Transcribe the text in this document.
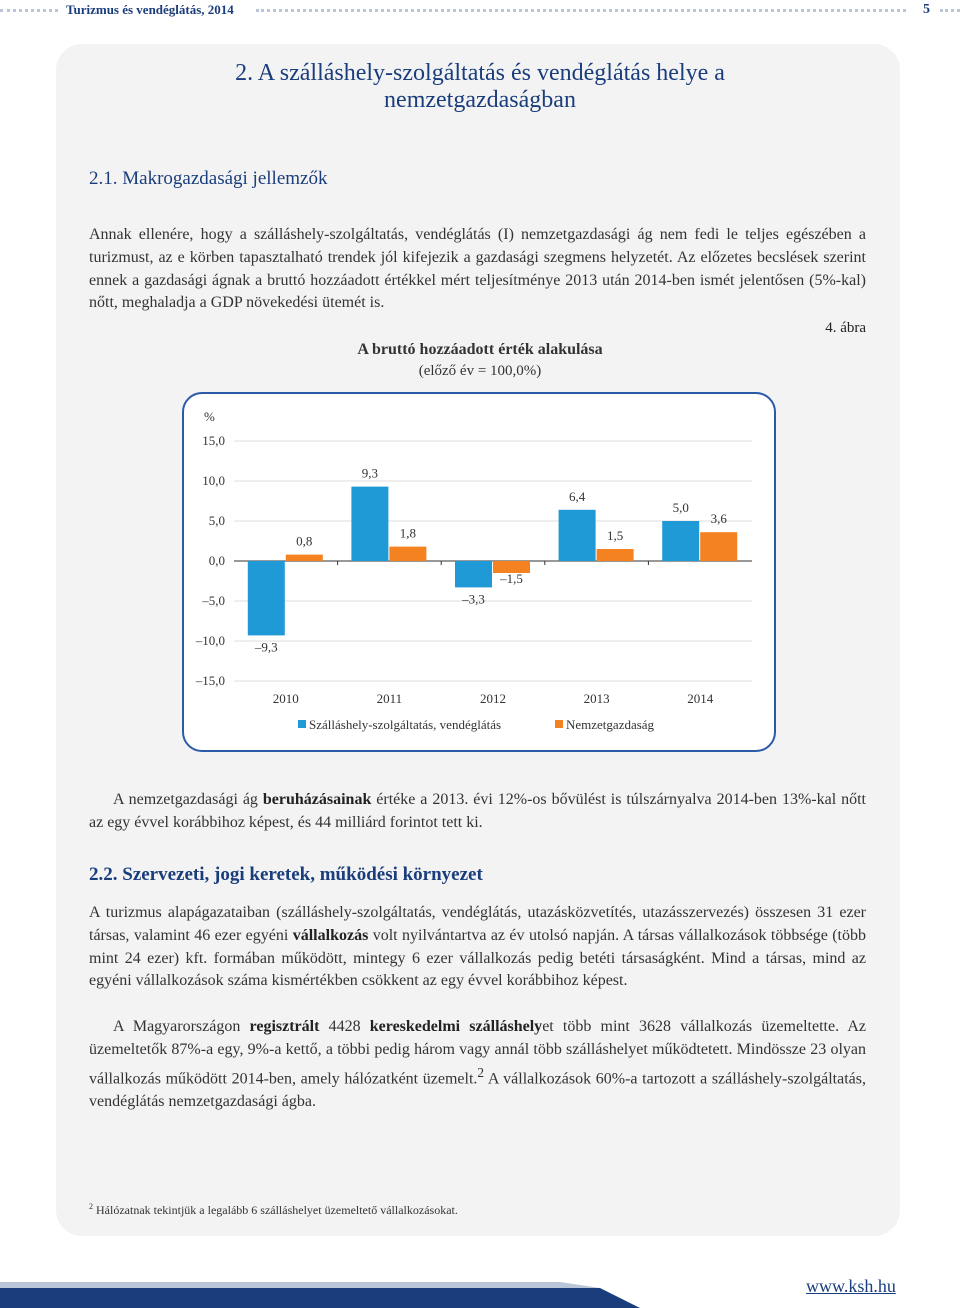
Turizmus és vendéglátás, 2014	5
2. A szálláshely-szolgáltatás és vendéglátás helye a
nemzetgazdaságban
2.1. Makrogazdasági jellemzők

Annak ellenére, hogy a szálláshely-szolgáltatás, vendéglátás (I) nemzetgazdasági ág nem fedi le teljes egészében a turizmust, az e körben tapasztalható trendek jól kifejezik a gazdasági szegmens helyzetét. Az előzetes becslések szerint ennek a gazdasági ágnak a bruttó hozzáadott értékkel mért teljesítménye 2013 után 2014-ben ismét jelentősen (5%-kal) nőtt, meghaladja a GDP növekedési ütemét is.

4. ábra
A bruttó hozzáadott érték alakulása
(előző év = 100,0%)
%
15,0
10,0
5,0
0,0
–5,0
–10,0
–15,0
2010
–9,3
0,8
2011
9,3
1,8
2012
–3,3
–1,5
2013
6,4
1,5
2014
5,0
3,6
Szálláshely-szolgáltatás, vendéglátás	Nemzetgazdaság

A nemzetgazdasági ág beruházásainak értéke a 2013. évi 12%-os bővülést is túlszárnyalva 2014-ben 13%-kal nőtt az egy évvel korábbihoz képest, és 44 milliárd forintot tett ki.

2.2. Szervezeti, jogi keretek, működési környezet

A turizmus alapágazataiban (szálláshely-szolgáltatás, vendéglátás, utazásközvetítés, utazásszervezés) összesen 31 ezer társas, valamint 46 ezer egyéni vállalkozás volt nyilvántartva az év utolsó napján. A társas vállalkozások többsége (több mint 24 ezer) kft. formában működött, mintegy 6 ezer vállalkozás pedig betéti társaságként. Mind a társas, mind az egyéni vállalkozások száma kismértékben csökkent az egy évvel korábbihoz képest.

A Magyarországon regisztrált 4428 kereskedelmi szálláshelyet több mint 3628 vállalkozás üzemeltette. Az üzemeltetők 87%-a egy, 9%-a kettő, a többi pedig három vagy annál több szálláshelyet működtetett. Mindössze 23 olyan vállalkozás működött 2014-ben, amely hálózatként üzemelt.$^2$ A vállalkozások 60%-a tartozott a szálláshely-szolgáltatás, vendéglátás nemzetgazdasági ágba.

$^2$ Hálózatnak tekintjük a legalább 6 szálláshelyet üzemeltető vállalkozásokat.
www.ksh.hu
